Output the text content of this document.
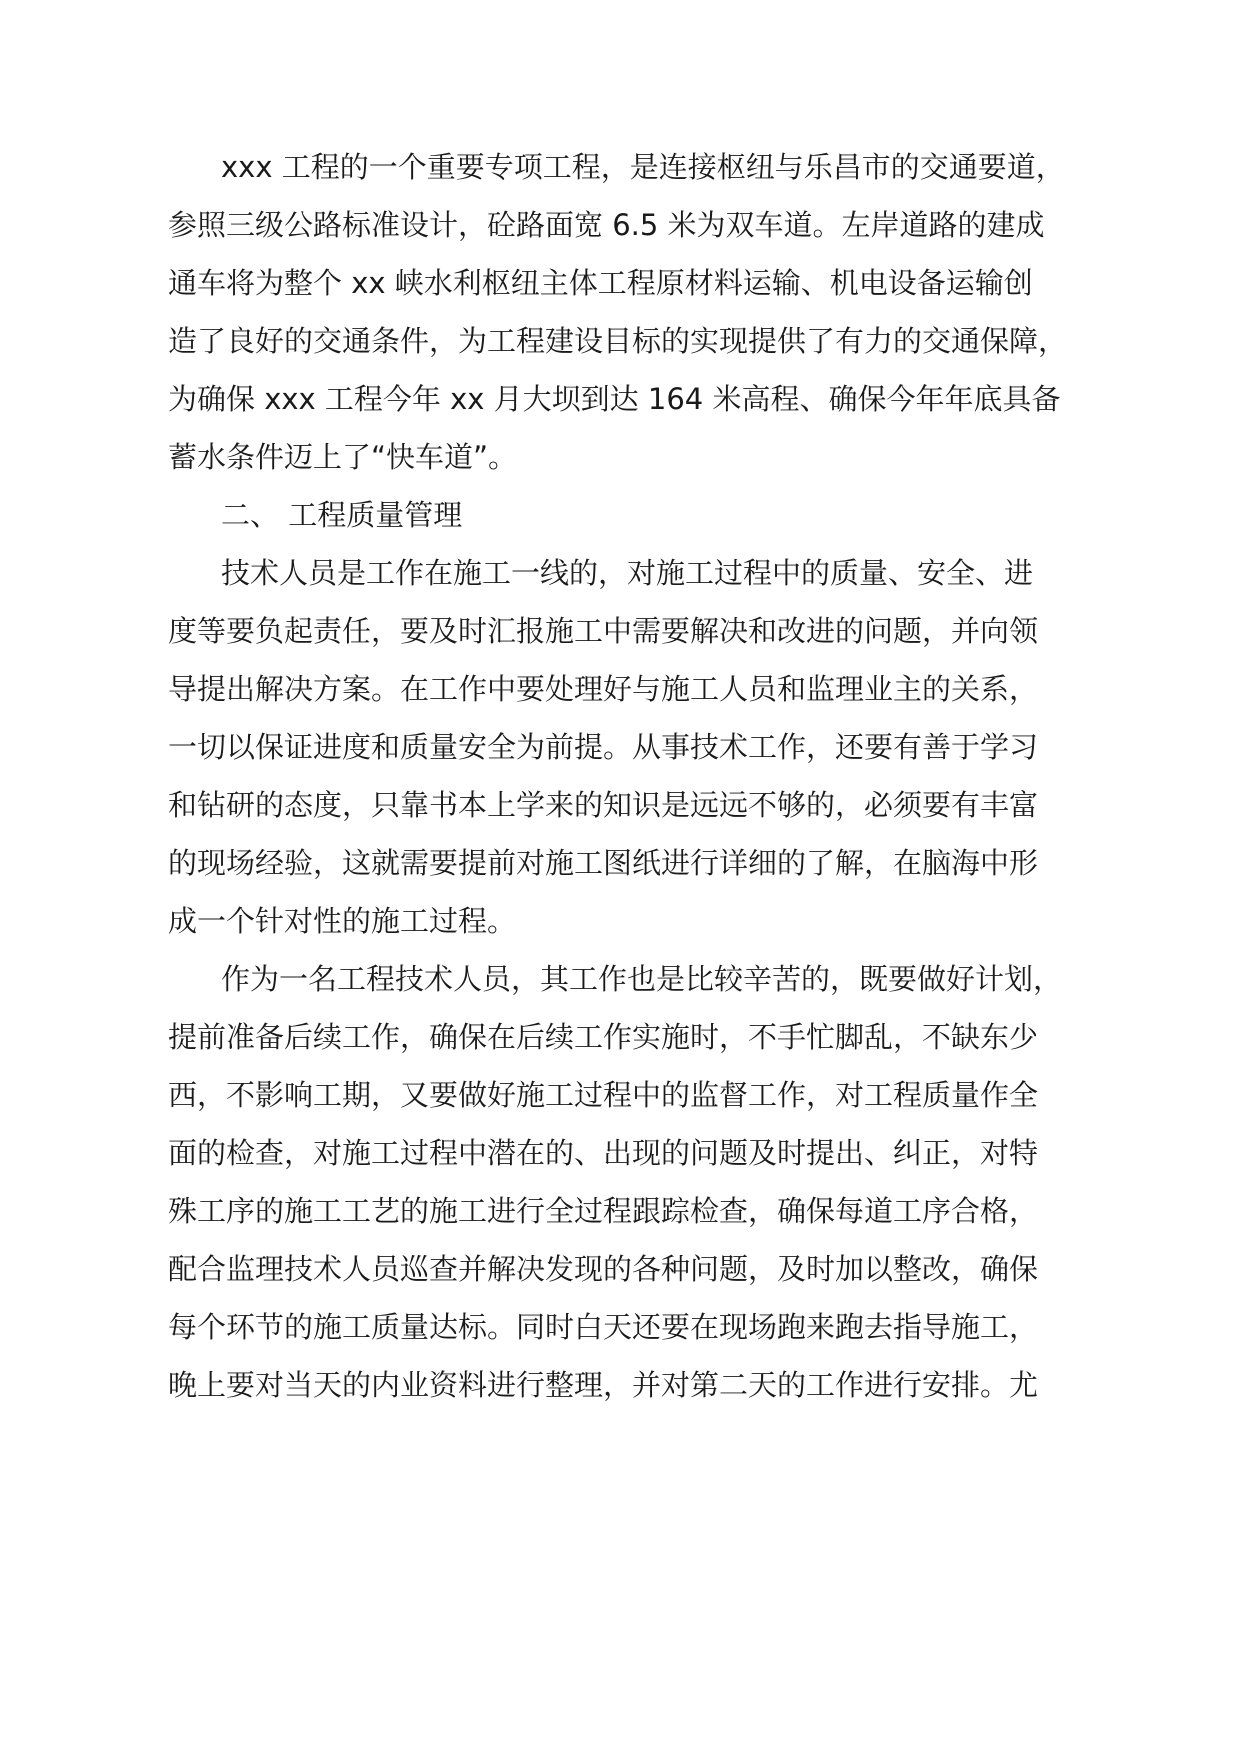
xxx 工程的一个重要专项工程，是连接枢纽与乐昌市的交通要道，
参照三级公路标准设计，砼路面宽 6.5 米为双车道。左岸道路的建成
通车将为整个 xx 峡水利枢纽主体工程原材料运输、机电设备运输创
造了良好的交通条件，为工程建设目标的实现提供了有力的交通保障，
为确保 xxx 工程今年 xx 月大坝到达 164 米高程、确保今年年底具备
蓄水条件迈上了“快车道”。
二、 工程质量管理
技术人员是工作在施工一线的，对施工过程中的质量、安全、进
度等要负起责任，要及时汇报施工中需要解决和改进的问题，并向领
导提出解决方案。在工作中要处理好与施工人员和监理业主的关系，
一切以保证进度和质量安全为前提。从事技术工作，还要有善于学习
和钻研的态度，只靠书本上学来的知识是远远不够的，必须要有丰富
的现场经验，这就需要提前对施工图纸进行详细的了解，在脑海中形
成一个针对性的施工过程。
作为一名工程技术人员，其工作也是比较辛苦的，既要做好计划，
提前准备后续工作，确保在后续工作实施时，不手忙脚乱，不缺东少
西，不影响工期，又要做好施工过程中的监督工作，对工程质量作全
面的检查，对施工过程中潜在的、出现的问题及时提出、纠正，对特
殊工序的施工工艺的施工进行全过程跟踪检查，确保每道工序合格，
配合监理技术人员巡查并解决发现的各种问题，及时加以整改，确保
每个环节的施工质量达标。同时白天还要在现场跑来跑去指导施工，
晚上要对当天的内业资料进行整理，并对第二天的工作进行安排。尤
